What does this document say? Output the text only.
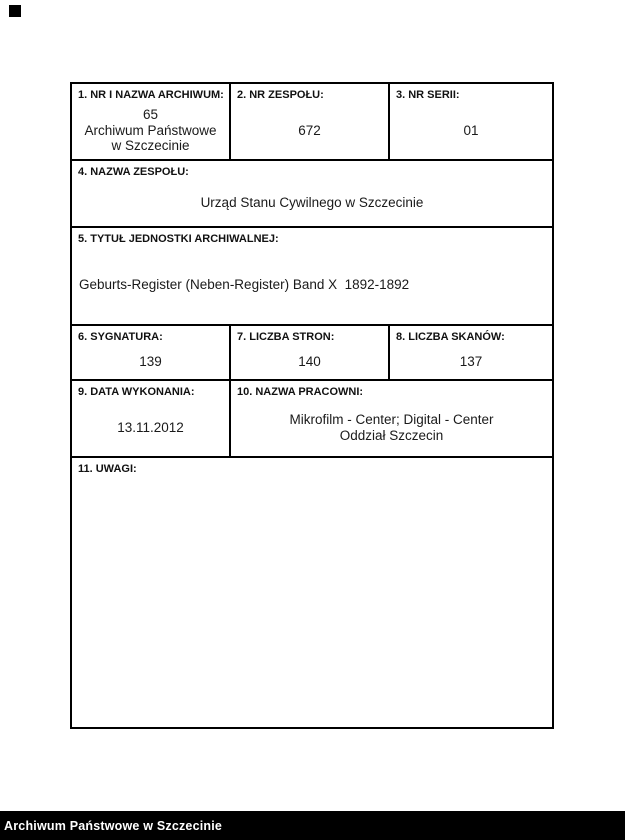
1. NR I NAZWA ARCHIWUM:
65
Archiwum Państwowe
w Szczecinie
2. NR ZESPOŁU:
672
3. NR SERII:
01
4. NAZWA ZESPOŁU:
Urząd Stanu Cywilnego w Szczecinie
5. TYTUŁ JEDNOSTKI ARCHIWALNEJ:
Geburts-Register (Neben-Register) Band X  1892-1892
6. SYGNATURA:
139
7. LICZBA STRON:
140
8. LICZBA SKANÓW:
137
9. DATA WYKONANIA:
13.11.2012
10. NAZWA PRACOWNI:
Mikrofilm - Center; Digital - Center
Oddział Szczecin
11. UWAGI:
Archiwum Państwowe w Szczecinie
